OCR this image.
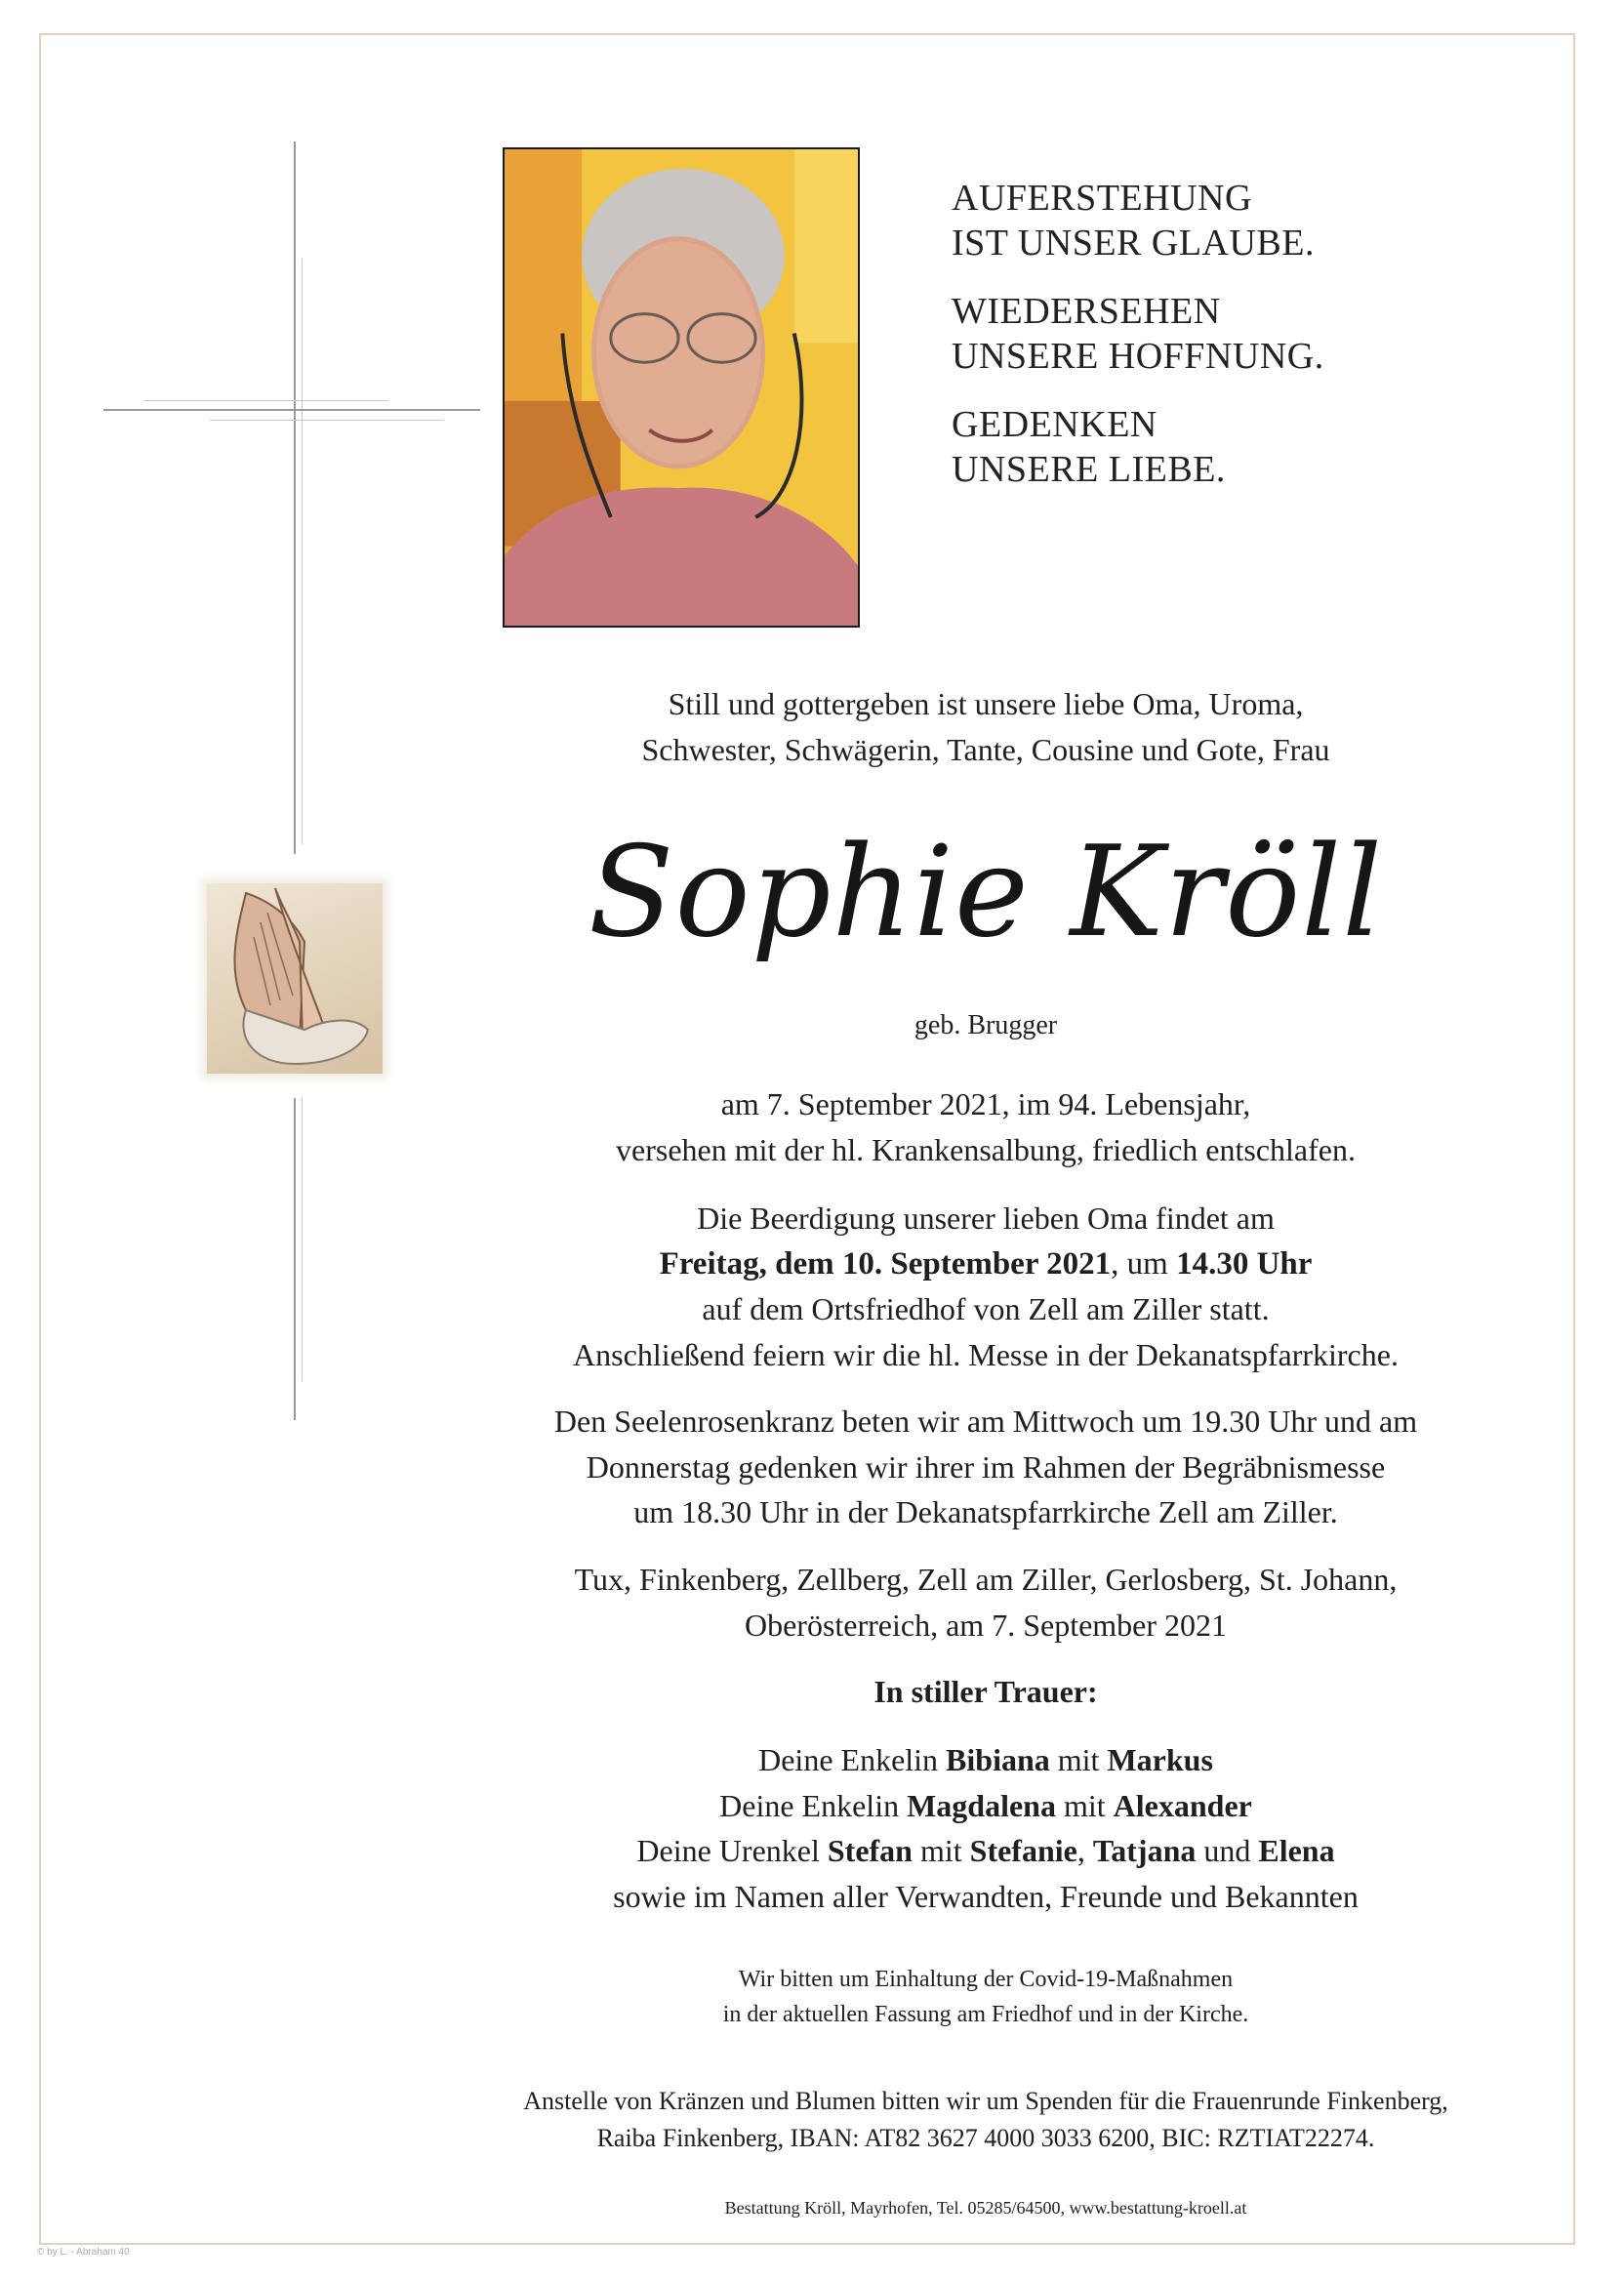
AUFERSTEHUNG
IST UNSER GLAUBE.

WIEDERSEHEN
UNSERE HOFFNUNG.

GEDENKEN
UNSERE LIEBE.

Still und gottergeben ist unsere liebe Oma, Uroma,

Schwester, Schwägerin, Tante, Cousine und Gote, Frau

Sophie Kröll
geb. Brugger

am 7. September 2021, im 94. Lebensjahr,

versehen mit der hl. Krankensalbung, friedlich entschlafen.

Die Beerdigung unserer lieben Oma findet am

Freitag, dem 10. September 2021, um 14.30 Uhr

auf dem Ortsfriedhof von Zell am Ziller statt.

Anschließend feiern wir die hl. Messe in der Dekanatspfarrkirche.

Den Seelenrosenkranz beten wir am Mittwoch um 19.30 Uhr und am

Donnerstag gedenken wir ihrer im Rahmen der Begräbnismesse

um 18.30 Uhr in der Dekanatspfarrkirche Zell am Ziller.

Tux, Finkenberg, Zellberg, Zell am Ziller, Gerlosberg, St. Johann,

Oberösterreich, am 7. September 2021

In stiller Trauer:

Deine Enkelin Bibiana mit Markus

Deine Enkelin Magdalena mit Alexander

Deine Urenkel Stefan mit Stefanie, Tatjana und Elena

sowie im Namen aller Verwandten, Freunde und Bekannten

Wir bitten um Einhaltung der Covid-19-Maßnahmen

in der aktuellen Fassung am Friedhof und in der Kirche.

Anstelle von Kränzen und Blumen bitten wir um Spenden für die Frauenrunde Finkenberg,

Raiba Finkenberg, IBAN: AT82 3627 4000 3033 6200, BIC: RZTIAT22274.

Bestattung Kröll, Mayrhofen, Tel. 05285/64500, www.bestattung-kroell.at
© by L. - Abraham 40
